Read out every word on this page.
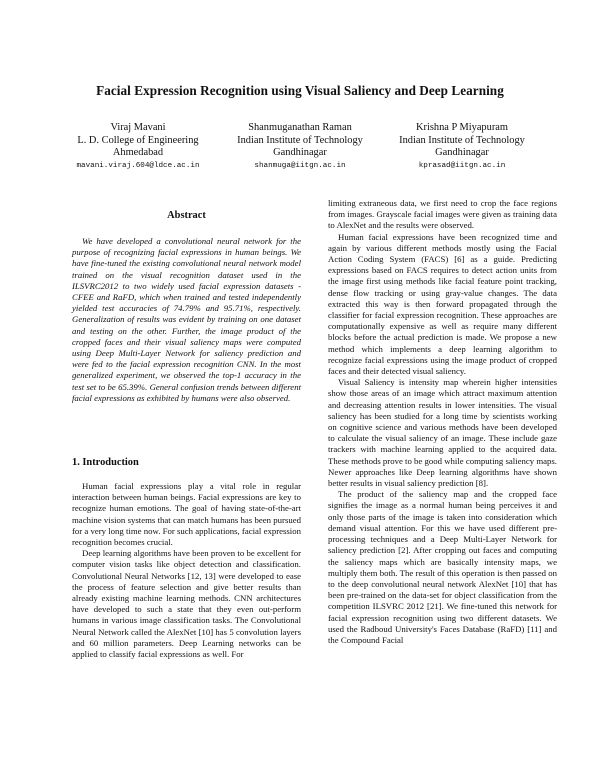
Facial Expression Recognition using Visual Saliency and Deep Learning
Viraj Mavani
L. D. College of Engineering
Ahmedabad
mavani.viraj.604@ldce.ac.in
Shanmuganathan Raman
Indian Institute of Technology
Gandhinagar
shanmuga@iitgn.ac.in
Krishna P Miyapuram
Indian Institute of Technology
Gandhinagar
kprasad@iitgn.ac.in
Abstract

We have developed a convolutional neural network for the purpose of recognizing facial expressions in human beings. We have fine-tuned the existing convolutional neural network model trained on the visual recognition dataset used in the ILSVRC2012 to two widely used facial expression datasets - CFEE and RaFD, which when trained and tested independently yielded test accuracies of 74.79% and 95.71%, respectively. Generalization of results was evident by training on one dataset and testing on the other. Further, the image product of the cropped faces and their visual saliency maps were computed using Deep Multi-Layer Network for saliency prediction and were fed to the facial expression recognition CNN. In the most generalized experiment, we observed the top-1 accuracy in the test set to be 65.39%. General confusion trends between different facial expressions as exhibited by humans were also observed.

1. Introduction

Human facial expressions play a vital role in regular interaction between human beings. Facial expressions are key to recognize human emotions. The goal of having state-of-the-art machine vision systems that can match humans has been pursued for a very long time now. For such applications, facial expression recognition becomes crucial.

Deep learning algorithms have been proven to be excellent for computer vision tasks like object detection and classification. Convolutional Neural Networks [12, 13] were developed to ease the process of feature selection and give better results than already existing machine learning methods. CNN architectures have developed to such a state that they even out-perform humans in various image classification tasks. The Convolutional Neural Network called the AlexNet [10] has 5 convolution layers and 60 million parameters. Deep Learning networks can be applied to classify facial expressions as well. For

limiting extraneous data, we first need to crop the face regions from images. Grayscale facial images were given as training data to AlexNet and the results were observed.

Human facial expressions have been recognized time and again by various different methods mostly using the Facial Action Coding System (FACS) [6] as a guide. Predicting expressions based on FACS requires to detect action units from the image first using methods like facial feature point tracking, dense flow tracking or using gray-value changes. The data extracted this way is then forward propagated through the classifier for facial expression recognition. These approaches are computationally expensive as well as require many different blocks before the actual prediction is made. We propose a new method which implements a deep learning algorithm to recognize facial expressions using the image product of cropped faces and their detected visual saliency.

Visual Saliency is intensity map wherein higher intensities show those areas of an image which attract maximum attention and decreasing attention results in lower intensities. The visual saliency has been studied for a long time by scientists working on cognitive science and various methods have been developed to calculate the visual saliency of an image. These include gaze trackers with machine learning applied to the acquired data. These methods prove to be good while computing saliency maps. Newer approaches like Deep learning algorithms have shown better results in visual saliency prediction [8].

The product of the saliency map and the cropped face signifies the image as a normal human being perceives it and only those parts of the image is taken into consideration which demand visual attention. For this we have used different pre-processing techniques and a Deep Multi-Layer Network for saliency prediction [2]. After cropping out faces and computing the saliency maps which are basically intensity maps, we multiply them both. The result of this operation is then passed on to the deep convolutional neural network AlexNet [10] that has been pre-trained on the data-set for object classification from the competition ILSVRC 2012 [21]. We fine-tuned this network for facial expression recognition using two different datasets. We used the Radboud University's Faces Database (RaFD) [11] and the Compound Facial
